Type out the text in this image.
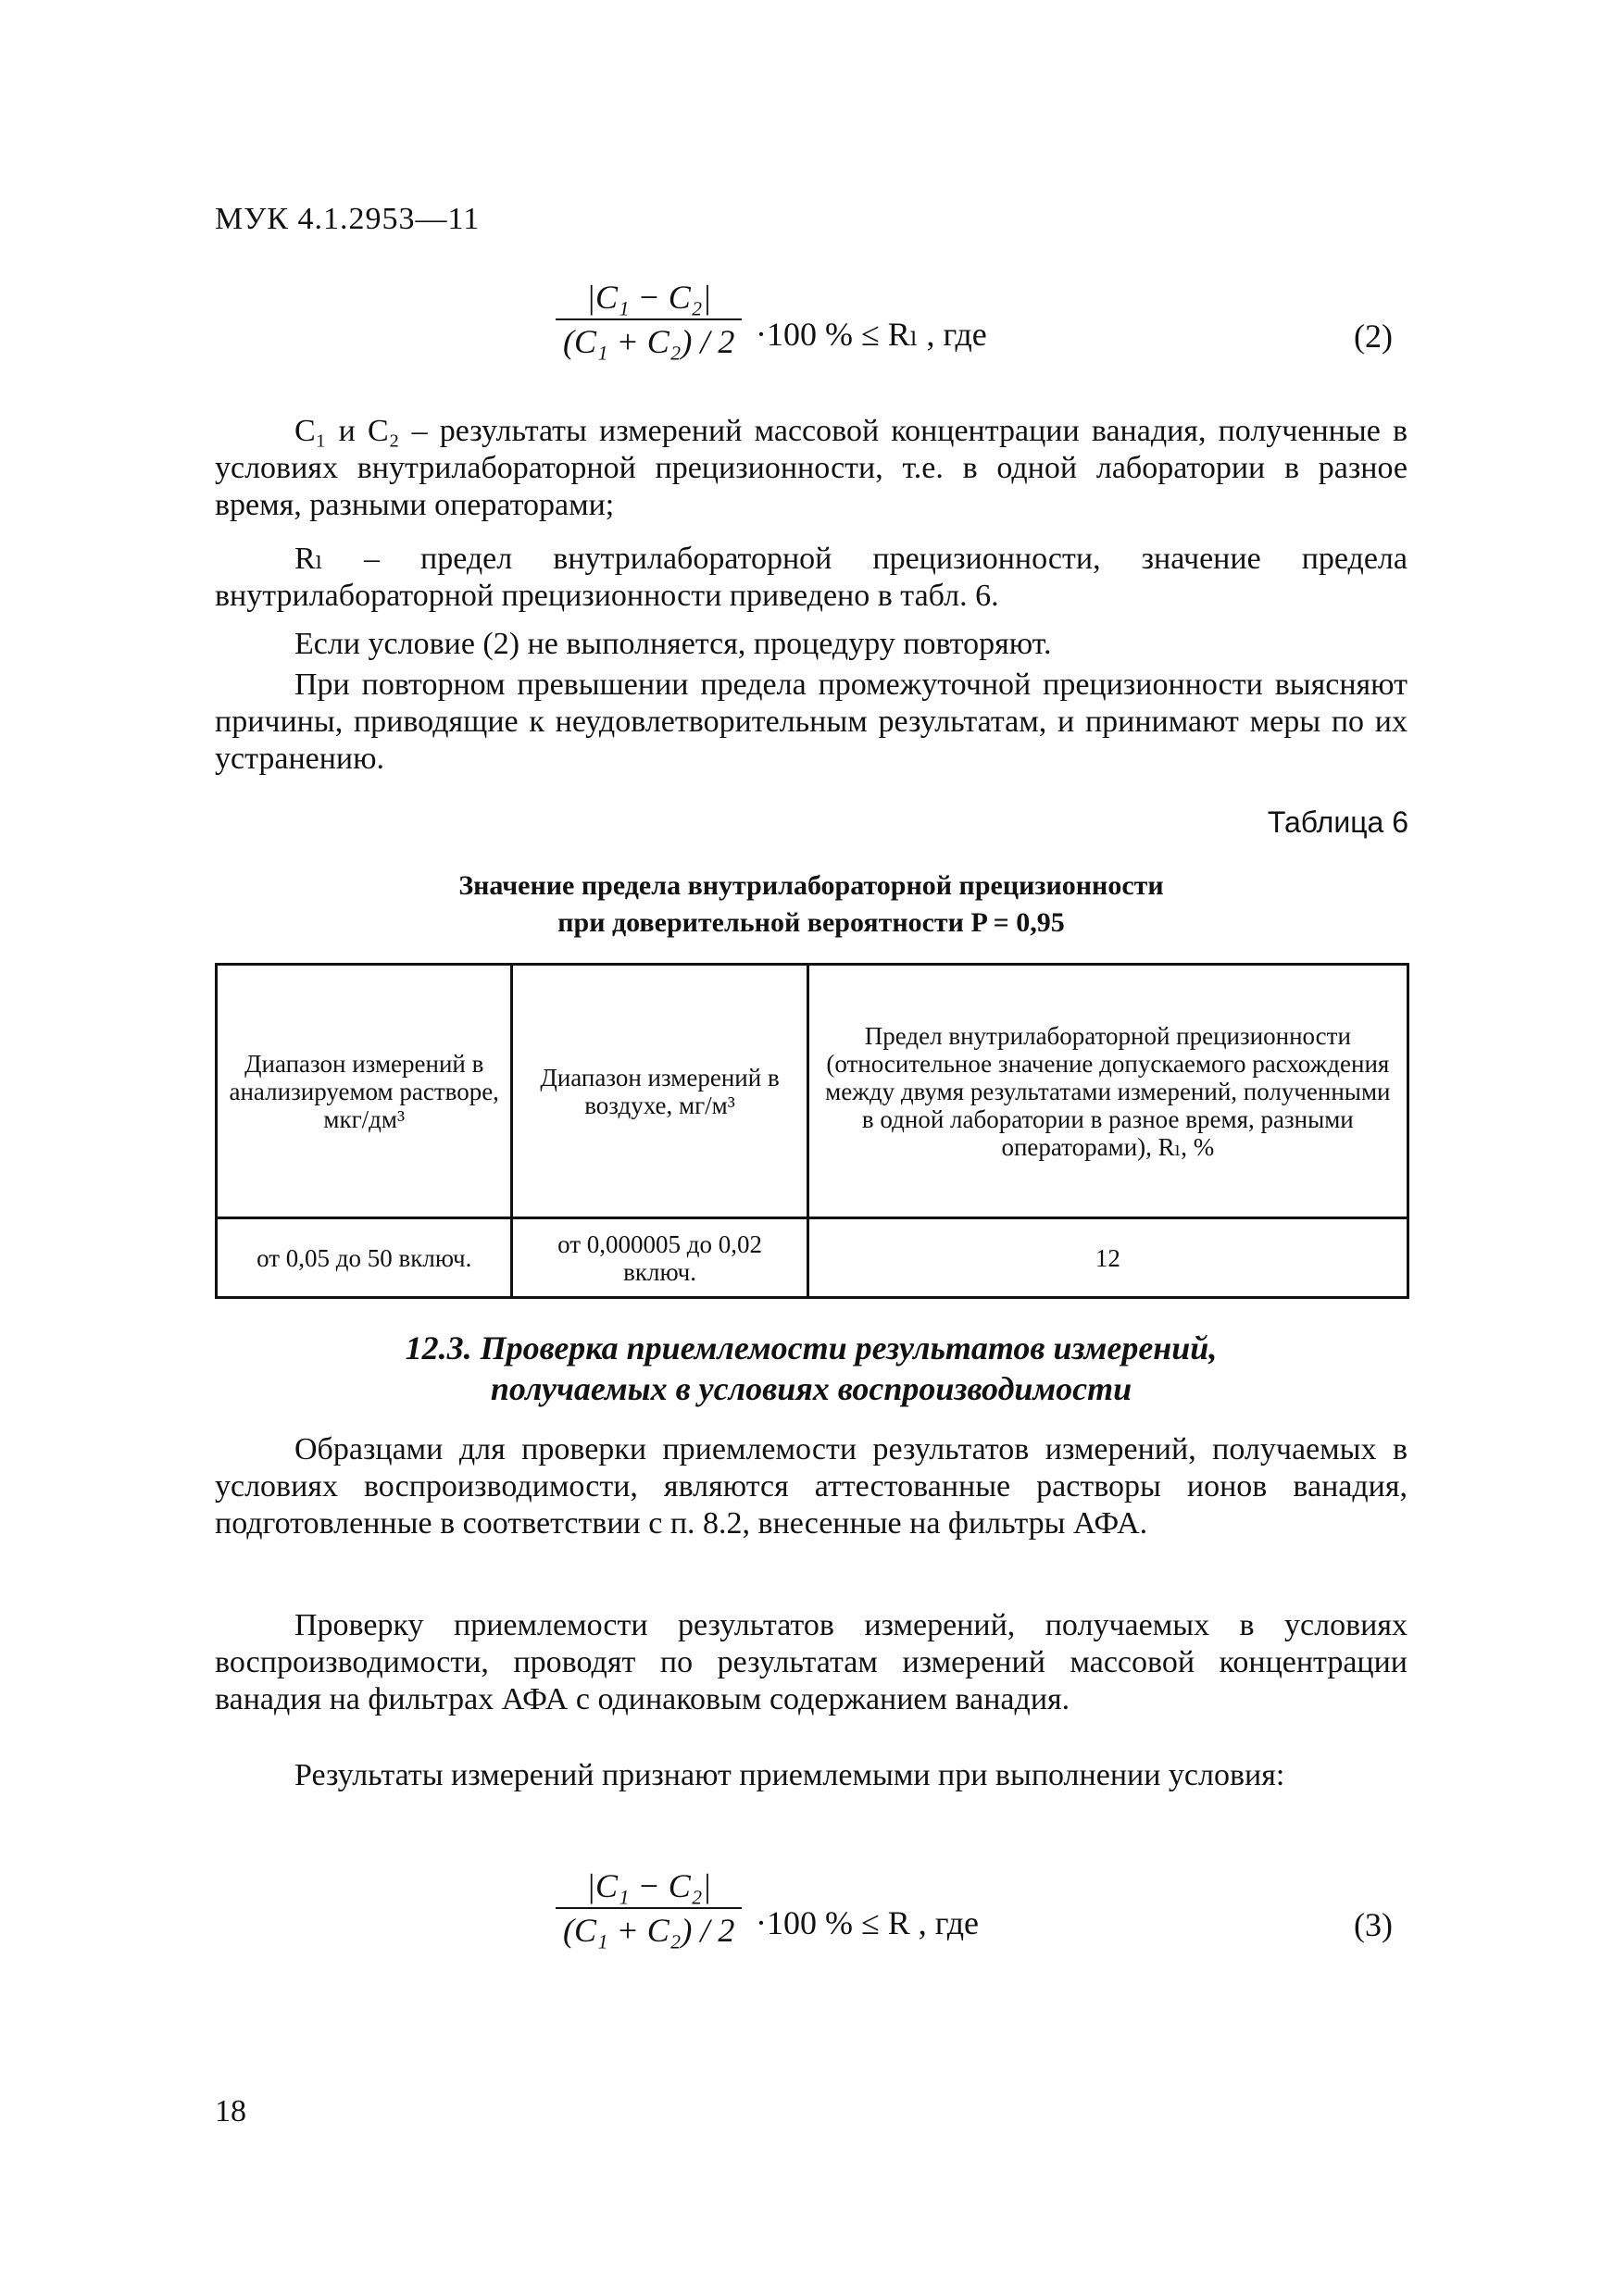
МУК 4.1.2953—11
|C₁ − C₂|
(C₁ + C₂) / 2 ·100 % ≤ Rₗ , где	(2)
C₁ и C₂ – результаты измерений массовой концентрации ванадия, полученные в условиях внутрилабораторной прецизионности, т.е. в одной лаборатории в разное время, разными операторами;
Rₗ – предел внутрилабораторной прецизионности, значение предела внутрилабораторной прецизионности приведено в табл. 6.
Если условие (2) не выполняется, процедуру повторяют.
При повторном превышении предела промежуточной прецизионности выясняют причины, приводящие к неудовлетворительным результатам, и принимают меры по их устранению.
Таблица 6
Значение предела внутрилабораторной прецизионности
при доверительной вероятности P = 0,95
Диапазон измерений в анализируемом растворе, мкг/дм³	Диапазон измерений в воздухе, мг/м³	Предел внутрилабораторной прецизионности (относительное значение допускаемого расхождения между двумя результатами измерений, полученными в одной лаборатории в разное время, разными операторами), Rₗ, %
от 0,05 до 50 включ.	от 0,000005 до 0,02 включ.	12
12.3. Проверка приемлемости результатов измерений,
получаемых в условиях воспроизводимости
Образцами для проверки приемлемости результатов измерений, получаемых в условиях воспроизводимости, являются аттестованные растворы ионов ванадия, подготовленные в соответствии с п. 8.2, внесенные на фильтры АФА.
Проверку приемлемости результатов измерений, получаемых в условиях воспроизводимости, проводят по результатам измерений массовой концентрации ванадия на фильтрах АФА с одинаковым содержанием ванадия.
Результаты измерений признают приемлемыми при выполнении условия:
|C₁ − C₂|
(C₁ + C₂) / 2 ·100 % ≤ R , где	(3)
18
